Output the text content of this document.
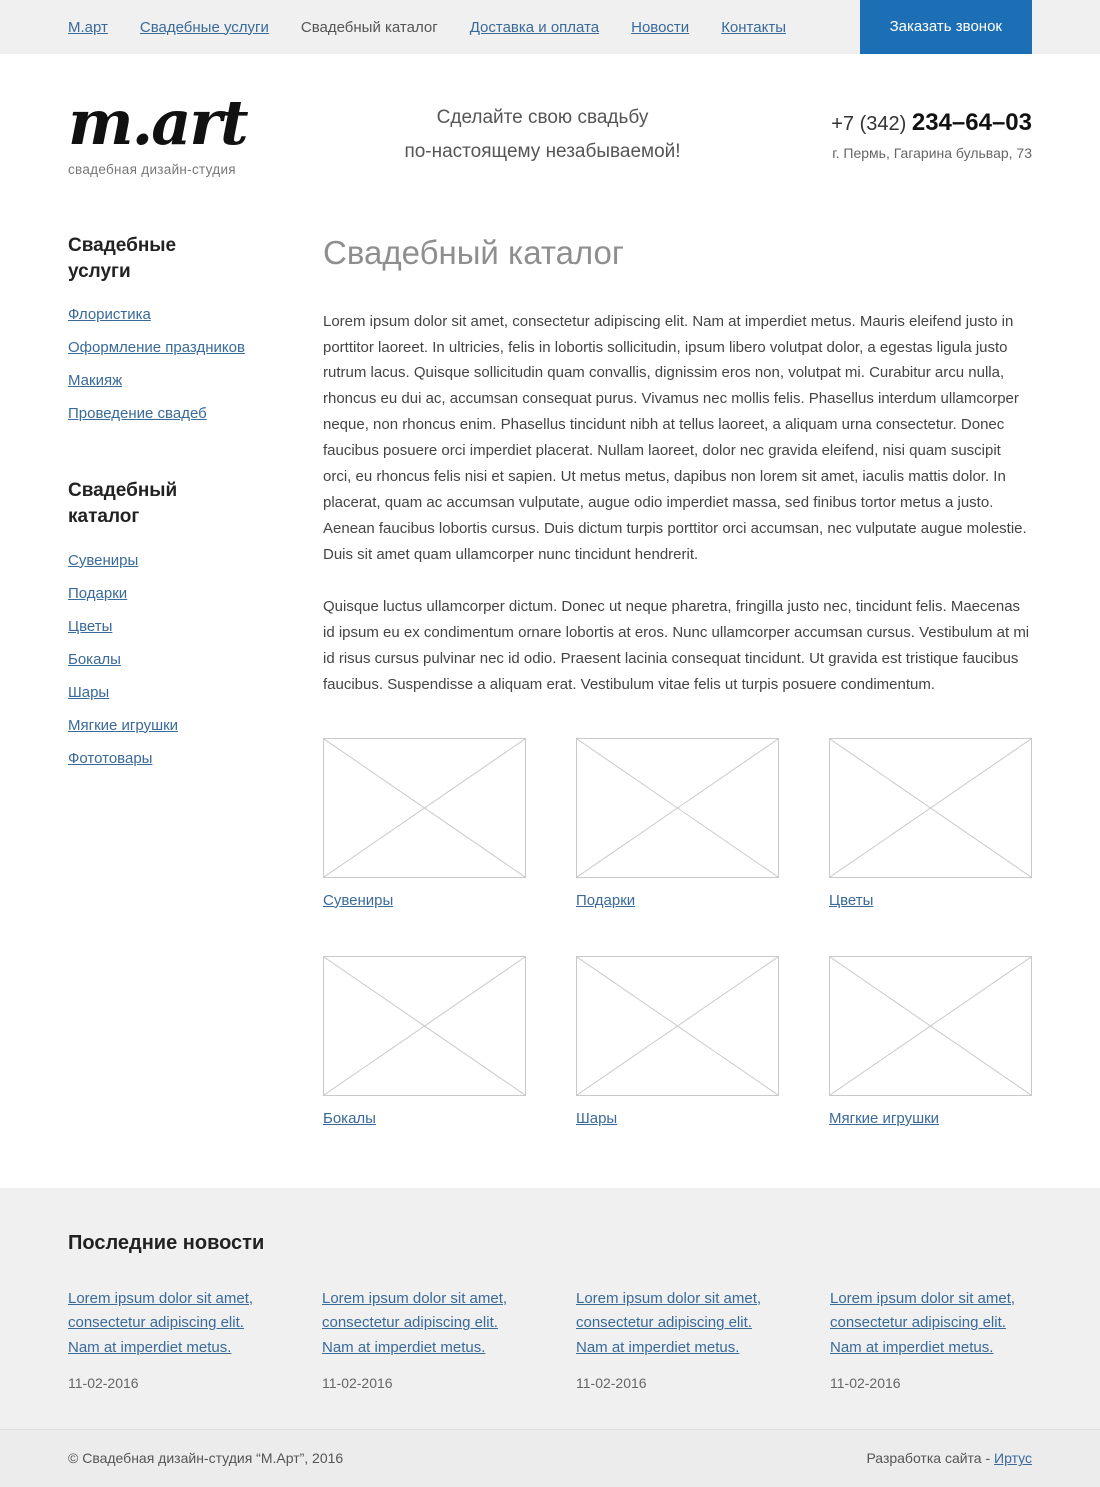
М.арт Свадебные услуги Свадебный каталог Доставка и оплата Новости Контакты	Заказать звонок
m.art
свадебная дизайн-студия
Сделайте свою свадьбу
по-настоящему незабываемой!
+7 (342) 234–64–03
г. Пермь, Гагарина бульвар, 73
Свадебные услуги
Флористика
Оформление праздников
Макияж
Проведение свадеб
Свадебный каталог
Сувениры
Подарки
Цветы
Бокалы
Шары
Мягкие игрушки
Фототовары
Свадебный каталог

Lorem ipsum dolor sit amet, consectetur adipiscing elit. Nam at imperdiet metus. Mauris eleifend justo in porttitor laoreet. In ultricies, felis in lobortis sollicitudin, ipsum libero volutpat dolor, a egestas ligula justo rutrum lacus. Quisque sollicitudin quam convallis, dignissim eros non, volutpat mi. Curabitur arcu nulla, rhoncus eu dui ac, accumsan consequat purus. Vivamus nec mollis felis. Phasellus interdum ullamcorper neque, non rhoncus enim. Phasellus tincidunt nibh at tellus laoreet, a aliquam urna consectetur. Donec faucibus posuere orci imperdiet placerat. Nullam laoreet, dolor nec gravida eleifend, nisi quam suscipit orci, eu rhoncus felis nisi et sapien. Ut metus metus, dapibus non lorem sit amet, iaculis mattis dolor. In placerat, quam ac accumsan vulputate, augue odio imperdiet massa, sed finibus tortor metus a justo. Aenean faucibus lobortis cursus. Duis dictum turpis porttitor orci accumsan, nec vulputate augue molestie. Duis sit amet quam ullamcorper nunc tincidunt hendrerit.

Quisque luctus ullamcorper dictum. Donec ut neque pharetra, fringilla justo nec, tincidunt felis. Maecenas id ipsum eu ex condimentum ornare lobortis at eros. Nunc ullamcorper accumsan cursus. Vestibulum at mi id risus cursus pulvinar nec id odio. Praesent lacinia consequat tincidunt. Ut gravida est tristique faucibus faucibus. Suspendisse a aliquam erat. Vestibulum vitae felis ut turpis posuere condimentum.

Сувениры	Подарки	Цветы
Бокалы	Шары	Мягкие игрушки
Последние новости
Lorem ipsum dolor sit amet, consectetur adipiscing elit. Nam at imperdiet metus.
11-02-2016
Lorem ipsum dolor sit amet, consectetur adipiscing elit. Nam at imperdiet metus.
11-02-2016
Lorem ipsum dolor sit amet, consectetur adipiscing elit. Nam at imperdiet metus.
11-02-2016
Lorem ipsum dolor sit amet, consectetur adipiscing elit. Nam at imperdiet metus.
11-02-2016
© Свадебная дизайн-студия “М.Арт”, 2016	Разработка сайта - Иртус
